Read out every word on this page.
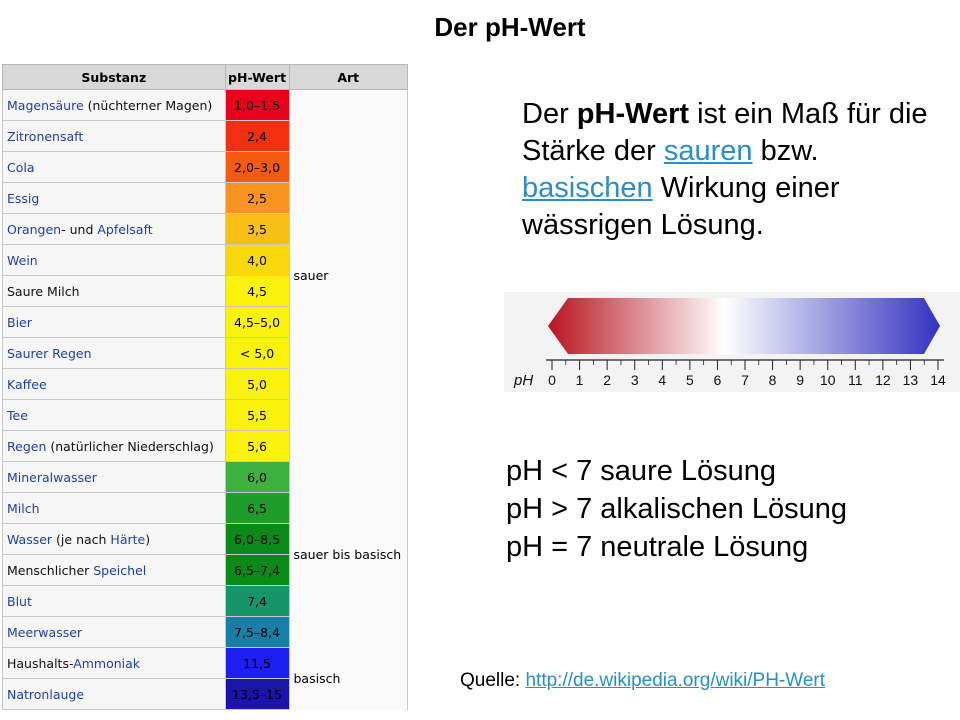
Der pH-Wert
Substanz	pH-Wert	Art
Magensäure (nüchterner Magen)	1,0–1,5	sauer
Zitronensaft	2,4	
Cola	2,0–3,0	
Essig	2,5	
Orangen- und Apfelsaft	3,5	
Wein	4,0	
Saure Milch	4,5	
Bier	4,5–5,0	
Saurer Regen	< 5,0	
Kaffee	5,0	
Tee	5,5	
Regen (natürlicher Niederschlag)	5,6	
Mineralwasser	6,0	sauer bis basisch
Milch	6,5	
Wasser (je nach Härte)	6,0–8,5	
Menschlicher Speichel	6,5–7,4	
Blut	7,4	
Meerwasser	7,5–8,4	
Haushalts-Ammoniak	11,5	basisch
Natronlauge	13,5–15	
Der pH-Wert ist ein Maß für die Stärke der sauren bzw. basischen Wirkung einer wässrigen Lösung.
0 1 2 3 4 5 6 7 8 9 10 11 12 13 14
pH
pH < 7 saure Lösung
pH > 7 alkalischen Lösung
pH = 7 neutrale Lösung
Quelle: http://de.wikipedia.org/wiki/PH-Wert
